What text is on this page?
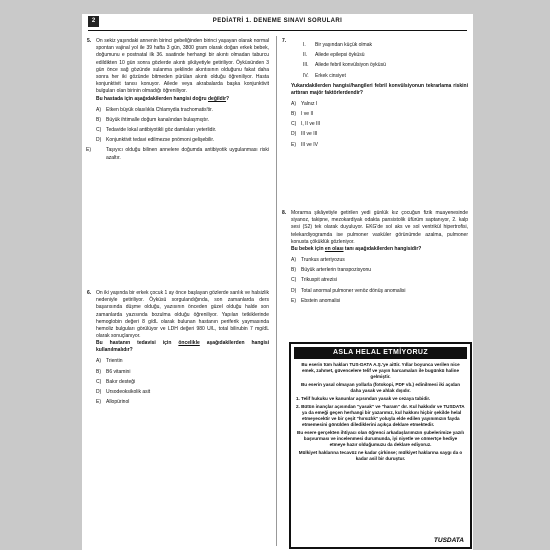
2	PEDİATRİ 1. DENEME SINAVI SORULARI
5. On sekiz yaşındaki annenin birinci gebeliğinden birinci yaşayan olarak normal spontan vajinal yol ile 39 hafta 3 gün, 3800 gram olarak doğan erkek bebek, doğumunu e postnatal ilk 36. saatinde herhangi bir akıntı olmadan taburcu edildikten 10 gün sonra gözlerde akıntı şikâyetiyle getiriliyor. Öyküsünden 3 gün önce sağ gözünde sulanma şeklinde akıntısının olduğunu fakat daha sonra her iki gözünde bitmeden pürülan akıntı olduğu öğreniliyor. Hasta konjunktivit tanısı konuyor. Ailede veya akrabalarda başka konjunktivit bulguları olan birinin olmadığı öğreniliyor.

Bu hastada için aşağıdakilerden hangisi doğru değildir?

A) Etken büyük olasılıkla Chlamydia trachomatis'tir.
B) Büyük ihtimalle doğum kanalından bulaşmıştır.
C) Tedavide lokal antibiyotikli göz damlaları yeterlidir.
D) Konjunktivit tedavi edilmezse pnömoni gelişebilir.
E)	Taşıyıcı olduğu bilinen annelere doğumda antibiyotik uygulanması riski azaltır.
6. On iki yaşında bir erkek çocuk 1 ay önce başlayan gözlerde sarılık ve halsizlik nedeniyle getiriliyor. Öyküsü sorgulandığında, son zamanlarda ders başarısında düşme olduğu, yazısının önceden güzel olduğu halde son zamanlarda yazısında bozulma olduğu öğreniliyor. Yapılan tetkiklerinde hemoglobin değeri 8 g/dL olarak bulunan hastanın periferik yaymasında hemoliz bulguları görülüyor ve LDH değeri 980 U/L, total bilirubin 7 mg/dL olarak sonuçlanıyor.

Bu hastanın tedavisi için öncelikle aşağıdakilerden hangisi kullanılmalıdır?

A) Trientin
B) B6 vitamini
C) Bakır desteği
D) Ursodeoksikolik asit
E) Allopürinol
7.
I. Bir yaşından küçük olmak
II. Ailede epilepsi öyküsü
III. Ailede febril konvülsiyon öyküsü
IV. Erkek cinsiyet

Yukarıdakilerden hangisi/hangileri febril konvülsiyonun tekrarlama riskini arttıran majör faktörlerdendir?

A) Yalnız I
B) I ve II
C) I, II ve III
D) III ve III
E) III ve IV
8. Morarma şikâyetiyle getirilen yedi günlük kız çocuğun fizik muayenesinde siyanoz, takipne, mezokardiyak odakta pansistolik üfürüm saptanıyor, 2. kalp sesi (S2) tek olarak duyuluyor. EKG'de sol aks ve sol ventrikül hipertrofisi, telekardiyogramda ise pulmoner vasküler görünümde azalma, pulmoner konusta çöküklük gözleniyor.

Bu bebek için en olası tanı aşağıdakilerden hangisidir?

A) Trunkus arteriyozus
B) Büyük arterlerin transpozisyonu
C) Trikuspit atrezisi
D) Total anormal pulmoner venöz dönüş anomalisi
E) Ebstein anomalisi
ASLA HELAL ETMİYORUZ

Bu eserin tüm hakları TUS-DATA A.Ş.'ye aittir. Yıllar boyunca verilen nice emek, zahmet, güvencelere telif ve yayın harcamaları ile bugünkü haline gelmiştir.

Bu eserin yasal olmayan yollarla (fotokopi, PDF vb.) edinilmesi iki açıdan daha yasak ve ahlak dışıdır.

1. Telif hukuku ve kanunlar açısından yasak ve cezaya tabidir.
2. Bütün inançlar açısından "yasak" ve "haram" dır. Kul hakkıdır ve TUSDATA ya da emeği geçen herhangi bir yazarımız, kul hakkını hiçbir şekilde helal etmeyecektir ve bir çeşit "hırsızlık" yoluyla elde edilen yayınımızın fayda etmemesini gönülden dilediklerini açıkça deklare etmektedir.

Bu esere gerçekten ihtiyacı olan öğrenci arkadaşlarımızın şubelerimize yazılı başvurması ve incelenmesi durumunda, iyi niyetle ve cömertçe hediye etmeye hazır olduğumuzu da deklare ediyoruz.

Mülkiyet haklarına tecavüz ne kadar çirkinse; mülkiyet haklarına saygı da o kadar asil bir duruştur.

TUSDATA
